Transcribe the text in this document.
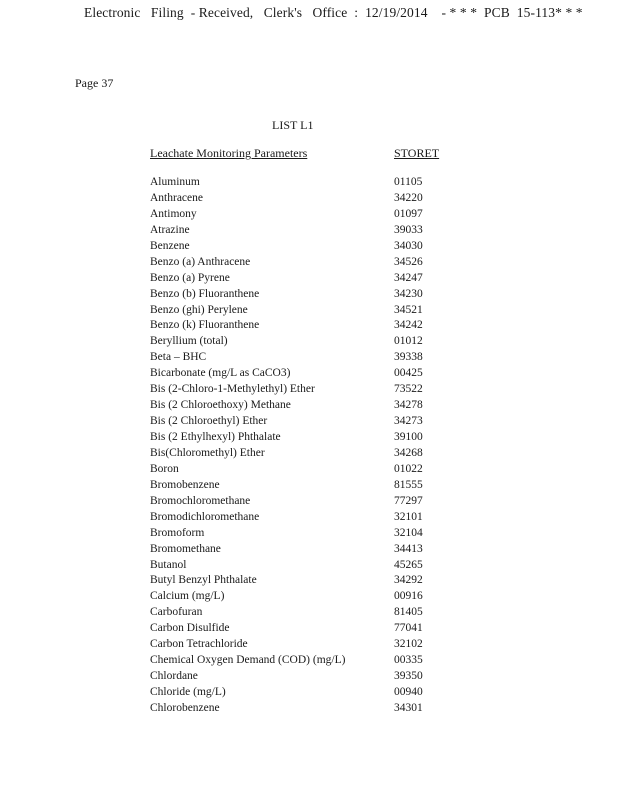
Electronic   Filing  - Received,   Clerk's   Office  :  12/19/2014    - * * *  PCB  15-113* * *
Page 37
LIST L1
Leachate Monitoring Parameters	STORET
Aluminum	01105
Anthracene	34220
Antimony	01097
Atrazine	39033
Benzene	34030
Benzo (a) Anthracene	34526
Benzo (a) Pyrene	34247
Benzo (b) Fluoranthene	34230
Benzo (ghi) Perylene	34521
Benzo (k) Fluoranthene	34242
Beryllium (total)	01012
Beta – BHC	39338
Bicarbonate (mg/L as CaCO3)	00425
Bis (2-Chloro-1-Methylethyl) Ether	73522
Bis (2 Chloroethoxy) Methane	34278
Bis (2 Chloroethyl) Ether	34273
Bis (2 Ethylhexyl) Phthalate	39100
Bis(Chloromethyl) Ether	34268
Boron	01022
Bromobenzene	81555
Bromochloromethane	77297
Bromodichloromethane	32101
Bromoform	32104
Bromomethane	34413
Butanol	45265
Butyl Benzyl Phthalate	34292
Calcium (mg/L)	00916
Carbofuran	81405
Carbon Disulfide	77041
Carbon Tetrachloride	32102
Chemical Oxygen Demand (COD) (mg/L)	00335
Chlordane	39350
Chloride (mg/L)	00940
Chlorobenzene	34301
